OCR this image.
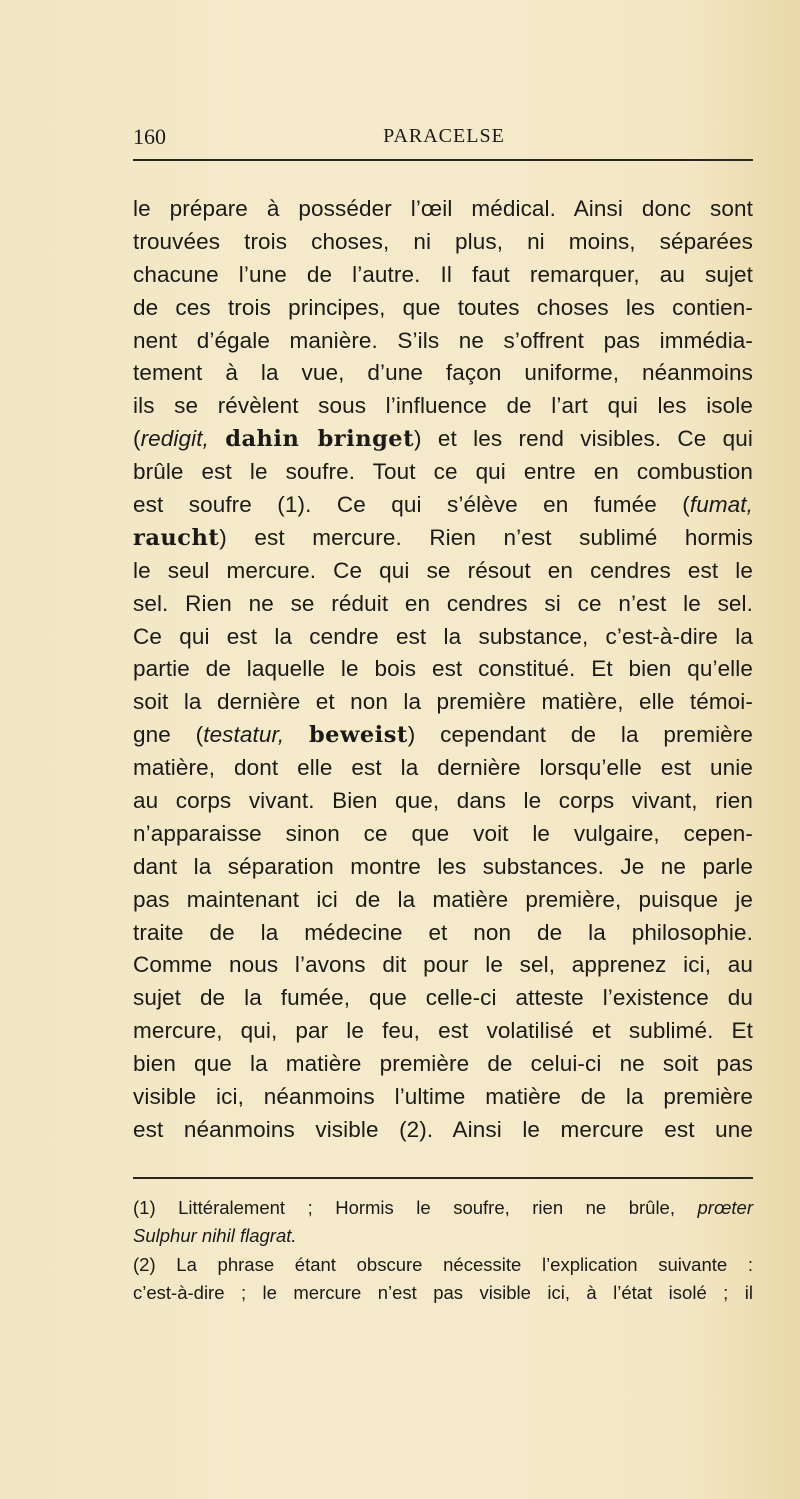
160	PARACELSE
le prépare à posséder l’œil médical. Ainsi donc sont
trouvées trois choses, ni plus, ni moins, séparées
chacune l’une de l’autre. Il faut remarquer, au sujet
de ces trois principes, que toutes choses les contien-
nent d’égale manière. S’ils ne s’offrent pas immédia-
tement à la vue, d’une façon uniforme, néanmoins
ils se révèlent sous l’influence de l’art qui les isole
(redigit, dahin bringet) et les rend visibles. Ce qui
brûle est le soufre. Tout ce qui entre en combustion
est soufre (1). Ce qui s’élève en fumée (fumat,
raucht) est mercure. Rien n’est sublimé hormis
le seul mercure. Ce qui se résout en cendres est le
sel. Rien ne se réduit en cendres si ce n’est le sel.
Ce qui est la cendre est la substance, c’est-à-dire la
partie de laquelle le bois est constitué. Et bien qu’elle
soit la dernière et non la première matière, elle témoi-
gne (testatur, beweist) cependant de la première
matière, dont elle est la dernière lorsqu’elle est unie
au corps vivant. Bien que, dans le corps vivant, rien
n’apparaisse sinon ce que voit le vulgaire, cepen-
dant la séparation montre les substances. Je ne parle
pas maintenant ici de la matière première, puisque je
traite de la médecine et non de la philosophie.
Comme nous l’avons dit pour le sel, apprenez ici, au
sujet de la fumée, que celle-ci atteste l’existence du
mercure, qui, par le feu, est volatilisé et sublimé. Et
bien que la matière première de celui-ci ne soit pas
visible ici, néanmoins l’ultime matière de la première
est néanmoins visible (2). Ainsi le mercure est une
(1) Littéralement ; Hormis le soufre, rien ne brûle, prœter
Sulphur nihil flagrat.
(2) La phrase étant obscure nécessite l’explication suivante :
c’est-à-dire ; le mercure n’est pas visible ici, à l’état isolé ; il
